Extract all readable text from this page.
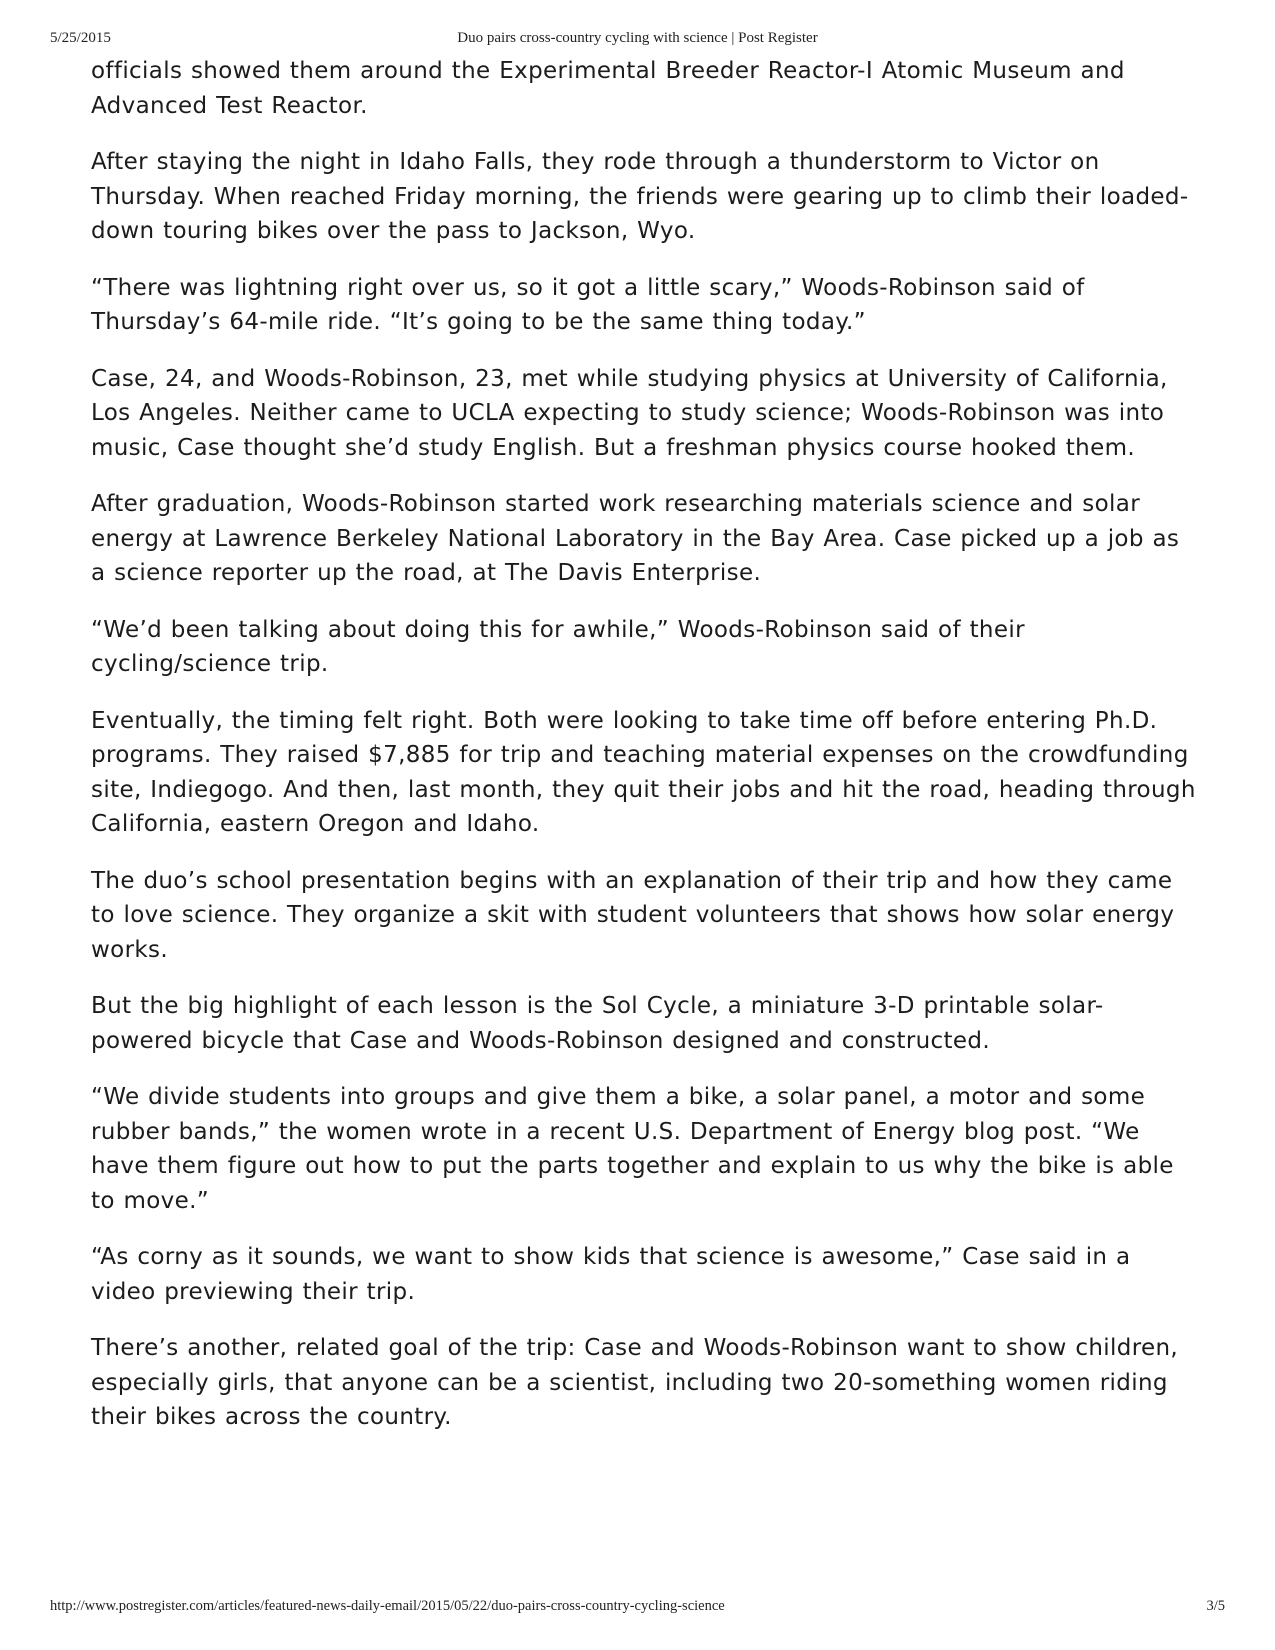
5/25/2015	Duo pairs cross-country cycling with science | Post Register

officials showed them around the Experimental Breeder Reactor-I Atomic Museum and Advanced Test Reactor.

After staying the night in Idaho Falls, they rode through a thunderstorm to Victor on Thursday. When reached Friday morning, the friends were gearing up to climb their loaded-down touring bikes over the pass to Jackson, Wyo.

“There was lightning right over us, so it got a little scary,” Woods-Robinson said of Thursday’s 64-mile ride. “It’s going to be the same thing today.”

Case, 24, and Woods-Robinson, 23, met while studying physics at University of California, Los Angeles. Neither came to UCLA expecting to study science; Woods-Robinson was into music, Case thought she’d study English. But a freshman physics course hooked them.

After graduation, Woods-Robinson started work researching materials science and solar energy at Lawrence Berkeley National Laboratory in the Bay Area. Case picked up a job as a science reporter up the road, at The Davis Enterprise.

“We’d been talking about doing this for awhile,” Woods-Robinson said of their cycling/science trip.

Eventually, the timing felt right. Both were looking to take time off before entering Ph.D. programs. They raised $7,885 for trip and teaching material expenses on the crowdfunding site, Indiegogo. And then, last month, they quit their jobs and hit the road, heading through California, eastern Oregon and Idaho.

The duo’s school presentation begins with an explanation of their trip and how they came to love science. They organize a skit with student volunteers that shows how solar energy works.

But the big highlight of each lesson is the Sol Cycle, a miniature 3-D printable solar-powered bicycle that Case and Woods-Robinson designed and constructed.

“We divide students into groups and give them a bike, a solar panel, a motor and some rubber bands,” the women wrote in a recent U.S. Department of Energy blog post. “We have them figure out how to put the parts together and explain to us why the bike is able to move.”

“As corny as it sounds, we want to show kids that science is awesome,” Case said in a video previewing their trip.

There’s another, related goal of the trip: Case and Woods-Robinson want to show children, especially girls, that anyone can be a scientist, including two 20-something women riding their bikes across the country.

http://www.postregister.com/articles/featured-news-daily-email/2015/05/22/duo-pairs-cross-country-cycling-science	3/5
